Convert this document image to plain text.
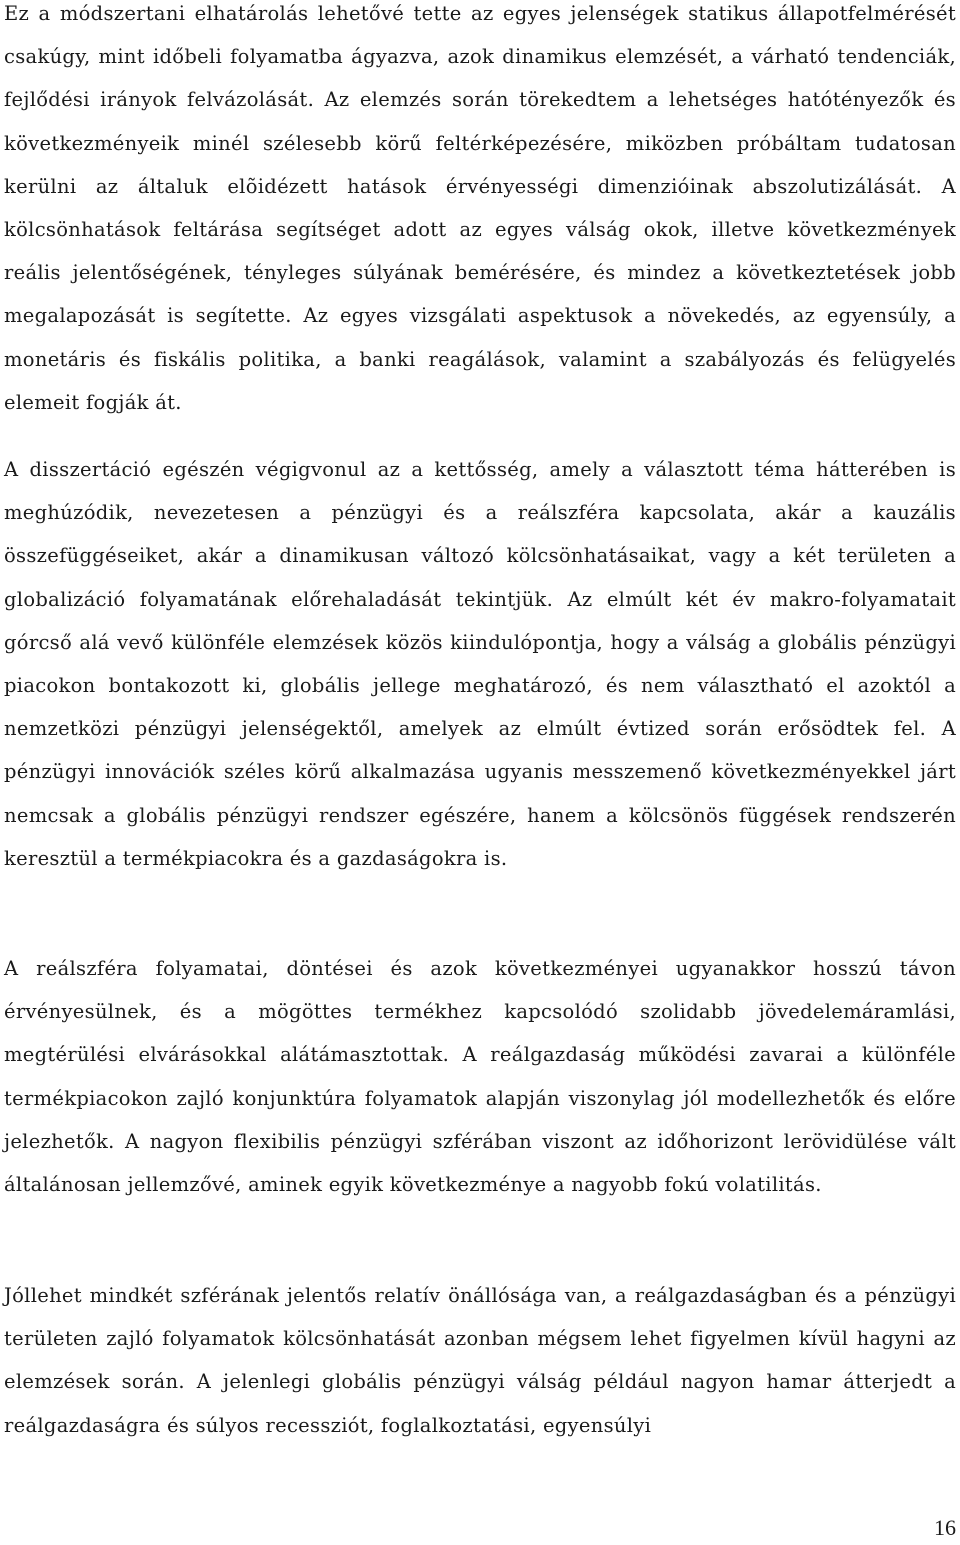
Ez a módszertani elhatárolás lehetővé tette az egyes jelenségek statikus állapotfelmérését csakúgy, mint időbeli folyamatba ágyazva, azok dinamikus elemzését, a várható tendenciák, fejlődési irányok felvázolását. Az elemzés során törekedtem a lehetséges hatótényezők és következményeik minél szélesebb körű feltérképezésére, miközben próbáltam tudatosan kerülni az általuk elõidézett hatások érvényességi dimenzióinak abszolutizálását. A kölcsönhatások feltárása segítséget adott az egyes válság okok, illetve következmények reális jelentőségének, tényleges súlyának bemérésére, és mindez a következtetések jobb megalapozását is segítette. Az egyes vizsgálati aspektusok a növekedés, az egyensúly, a monetáris és fiskális politika, a banki reagálások, valamint a szabályozás és felügyelés elemeit fogják át.

A disszertáció egészén végigvonul az a kettősség, amely a választott téma hátterében is meghúzódik, nevezetesen a pénzügyi és a reálszféra kapcsolata, akár a kauzális összefüggéseiket, akár a dinamikusan változó kölcsönhatásaikat, vagy a két területen a globalizáció folyamatának előrehaladását tekintjük. Az elmúlt két év makro-folyamatait górcső alá vevő különféle elemzések közös kiindulópontja, hogy a válság a globális pénzügyi piacokon bontakozott ki, globális jellege meghatározó, és nem választható el azoktól a nemzetközi pénzügyi jelenségektől, amelyek az elmúlt évtized során erősödtek fel. A pénzügyi innovációk széles körű alkalmazása ugyanis messzemenő következményekkel járt nemcsak a globális pénzügyi rendszer egészére, hanem a kölcsönös függések rendszerén keresztül a termékpiacokra és a gazdaságokra is.

A reálszféra folyamatai, döntései és azok következményei ugyanakkor hosszú távon érvényesülnek, és a mögöttes termékhez kapcsolódó szolidabb jövedelemáramlási, megtérülési elvárásokkal alátámasztottak. A reálgazdaság működési zavarai a különféle termékpiacokon zajló konjunktúra folyamatok alapján viszonylag jól modellezhetők és előre jelezhetők. A nagyon flexibilis pénzügyi szférában viszont az időhorizont lerövidülése vált általánosan jellemzővé, aminek egyik következménye a nagyobb fokú volatilitás.

Jóllehet mindkét szférának jelentős relatív önállósága van, a reálgazdaságban és a pénzügyi területen zajló folyamatok kölcsönhatását azonban mégsem lehet figyelmen kívül hagyni az elemzések során. A jelenlegi globális pénzügyi válság például nagyon hamar átterjedt a reálgazdaságra és súlyos recessziót, foglalkoztatási, egyensúlyi

16
